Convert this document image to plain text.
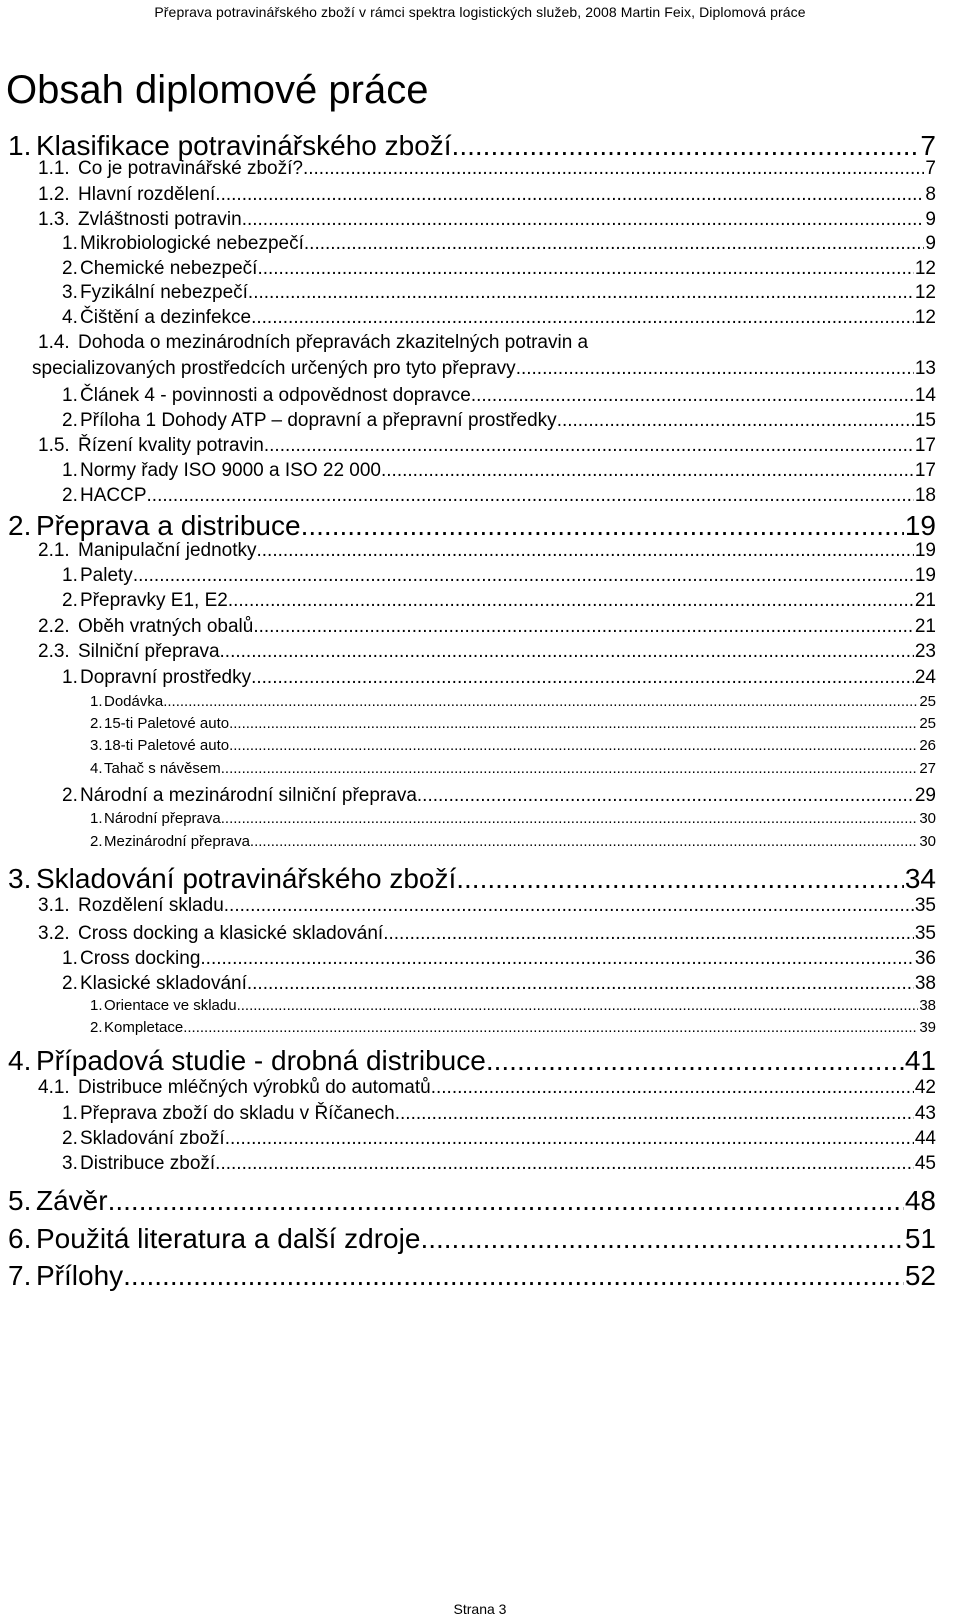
Přeprava potravinářského zboží v rámci spektra logistických služeb, 2008 Martin Feix, Diplomová práce
Obsah diplomové práce
1. Klasifikace potravinářského zboží .....	7
1.1. Co je potravinářské zboží? .....	7
1.2. Hlavní rozdělení .....	8
1.3. Zvláštnosti potravin .....	9
1. Mikrobiologické nebezpečí .....	9
2. Chemické nebezpečí .....	12
3. Fyzikální nebezpečí .....	12
4. Čištění a dezinfekce .....	12
1.4. Dohoda o mezinárodních přepravách zkazitelných potravin a
specializovaných prostředcích určených pro tyto přepravy .....	13
1. Článek 4 - povinnosti a odpovědnost dopravce .....	14
2. Příloha 1 Dohody ATP – dopravní a přepravní prostředky .....	15
1.5. Řízení kvality potravin .....	17
1. Normy řady ISO 9000 a ISO 22 000 .....	17
2. HACCP .....	18
2. Přeprava a distribuce .....	19
2.1. Manipulační jednotky .....	19
1. Palety .....	19
2. Přepravky E1, E2 .....	21
2.2. Oběh vratných obalů .....	21
2.3. Silniční přeprava .....	23
1. Dopravní prostředky .....	24
1. Dodávka .....	25
2. 15-ti Paletové auto .....	25
3. 18-ti Paletové auto .....	26
4. Tahač s návěsem .....	27
2. Národní a mezinárodní silniční přeprava .....	29
1. Národní přeprava .....	30
2. Mezinárodní přeprava .....	30
3. Skladování potravinářského zboží .....	34
3.1. Rozdělení skladu .....	35
3.2. Cross docking a klasické skladování .....	35
1. Cross docking .....	36
2. Klasické skladování .....	38
1. Orientace ve skladu .....	38
2. Kompletace .....	39
4. Případová studie - drobná distribuce .....	41
4.1. Distribuce mléčných výrobků do automatů .....	42
1. Přeprava zboží do skladu v Říčanech .....	43
2. Skladování zboží .....	44
3. Distribuce zboží .....	45
5. Závěr .....	48
6. Použitá literatura a další zdroje .....	51
7. Přílohy .....	52
Strana 3
